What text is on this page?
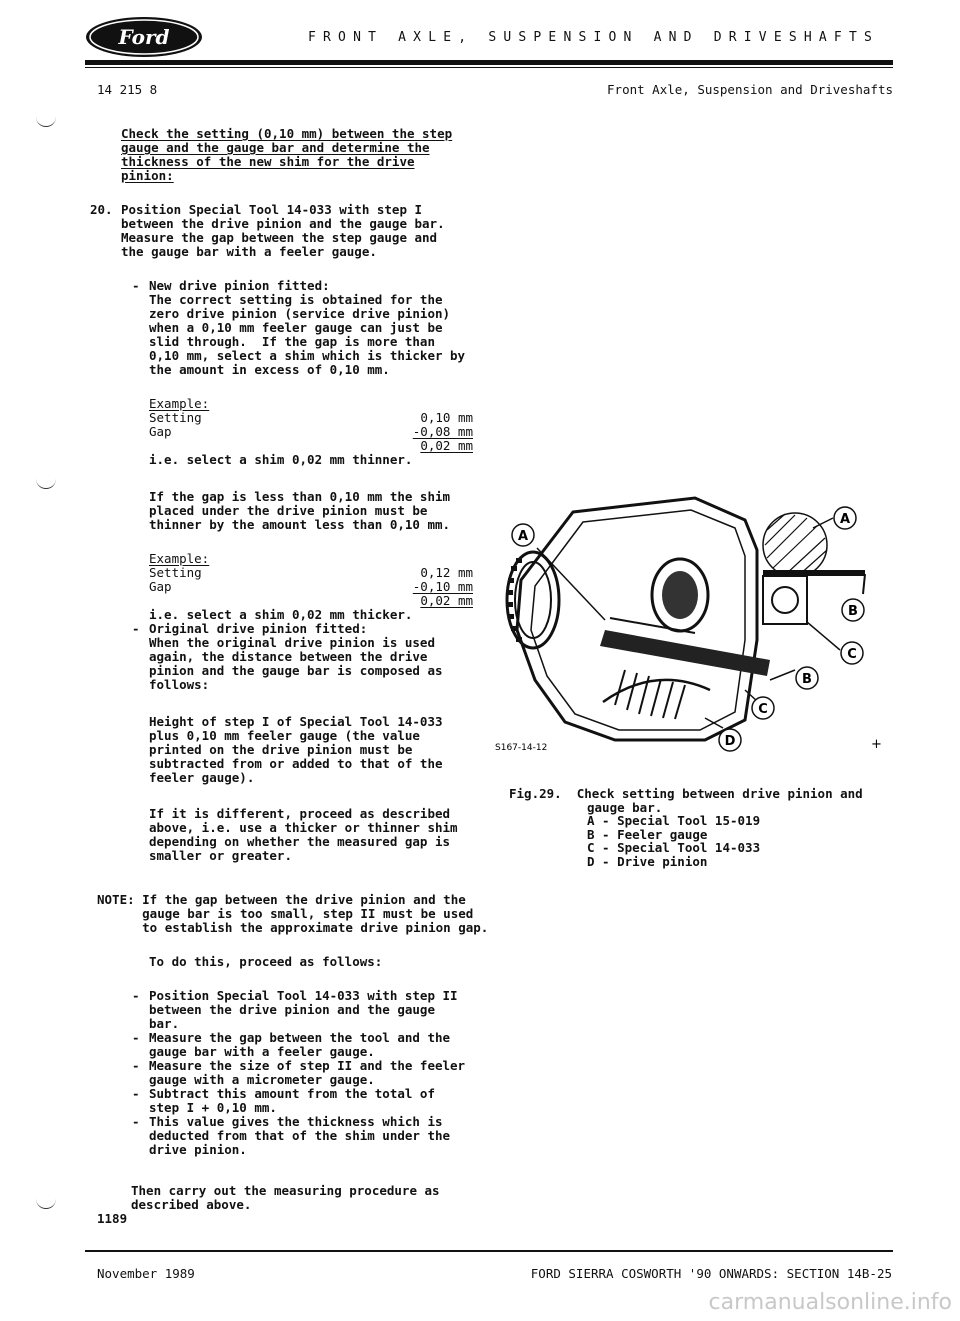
Ford	FRONT AXLE, SUSPENSION AND DRIVESHAFTS
14 215 8	Front Axle, Suspension and Driveshafts
Check the setting (0,10 mm) between the step
gauge and the gauge bar and determine the
thickness of the new shim for the drive
pinion:
20. Position Special Tool 14-033 with step I
between the drive pinion and the gauge bar.
Measure the gap between the step gauge and
the gauge bar with a feeler gauge.
- New drive pinion fitted:
The correct setting is obtained for the
zero drive pinion (service drive pinion)
when a 0,10 mm feeler gauge can just be
slid through.  If the gap is more than
0,10 mm, select a shim which is thicker by
the amount in excess of 0,10 mm.
Example:
Setting	0,10 mm
Gap	-0,08 mm
0,02 mm
i.e. select a shim 0,02 mm thinner.
If the gap is less than 0,10 mm the shim
placed under the drive pinion must be
thinner by the amount less than 0,10 mm.
Example:
Setting	0,12 mm
Gap	-0,10 mm
0,02 mm
i.e. select a shim 0,02 mm thicker.
- Original drive pinion fitted:
When the original drive pinion is used
again, the distance between the drive
pinion and the gauge bar is composed as
follows:
Height of step I of Special Tool 14-033
plus 0,10 mm feeler gauge (the value
printed on the drive pinion must be
subtracted from or added to that of the
feeler gauge).
If it is different, proceed as described
above, i.e. use a thicker or thinner shim
depending on whether the measured gap is
smaller or greater.
NOTE: If the gap between the drive pinion and the
gauge bar is too small, step II must be used
to establish the approximate drive pinion gap.
To do this, proceed as follows:
- Position Special Tool 14-033 with step II
between the drive pinion and the gauge
bar.
- Measure the gap between the tool and the
gauge bar with a feeler gauge.
- Measure the size of step II and the feeler
gauge with a micrometer gauge.
- Subtract this amount from the total of
step I + 0,10 mm.
- This value gives the thickness which is
deducted from that of the shim under the
drive pinion.
Then carry out the measuring procedure as
described above.
1189
A
A
B
B
C
C
D
S167-14-12	+
Fig.29.  Check setting between drive pinion and
gauge bar.
A - Special Tool 15-019
B - Feeler gauge
C - Special Tool 14-033
D - Drive pinion
November 1989	FORD SIERRA COSWORTH '90 ONWARDS: SECTION 14B-25
carmanualsonline.info
